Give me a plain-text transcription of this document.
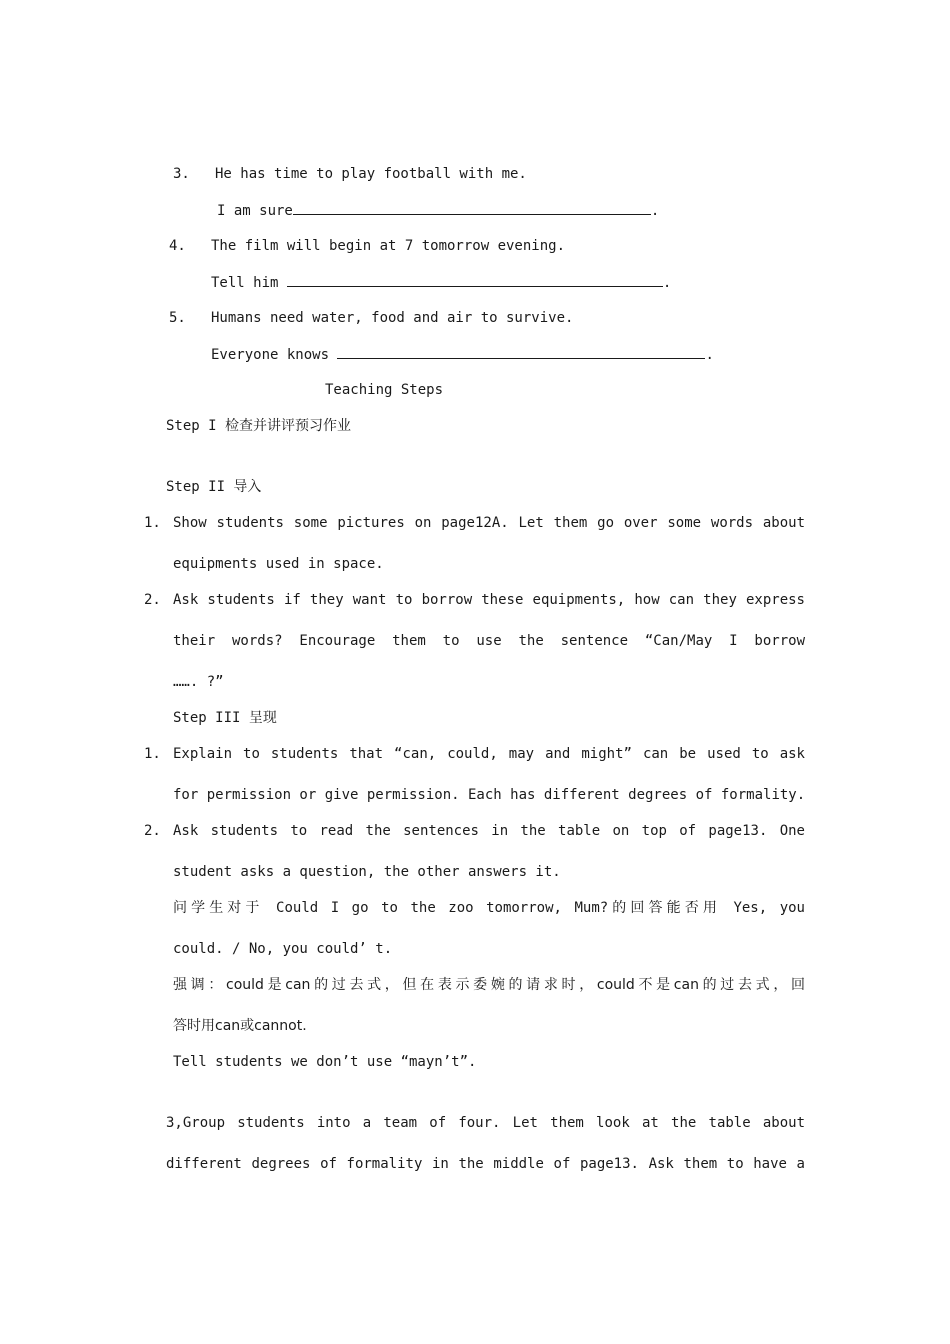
3. He has time to play football with me.
I am sure	.
4. The film will begin at 7 tomorrow evening.
Tell him	.
5. Humans need water, food and air to survive.
Everyone knows	.
Teaching Steps
Step I 检查并讲评预习作业
Step II 导入
1. Show students some pictures on page12A. Let them go over some words about
equipments used in space.
2. Ask students if they want to borrow these equipments, how can they express
their words? Encourage them to use the sentence “Can/May I borrow
……. ?”
Step III 呈现
1. Explain to students that “can, could, may and might” can be used to ask
for permission or give permission. Each has different degrees of formality.
2. Ask students to read the sentences in the table on top of page13. One
student asks a question, the other answers it.
问学生对于 Could I go to the zoo tomorrow, Mum?的回答能否用 Yes, you
could. / No, you could’ t.
强调：could是can的过去式，但在表示委婉的请求时，could不是can的过去式，回
答时用can或cannot.
Tell students we don’t use “mayn’t”.
3,Group students into a team of four. Let them look at the table about
different degrees of formality in the middle of page13. Ask them to have a
